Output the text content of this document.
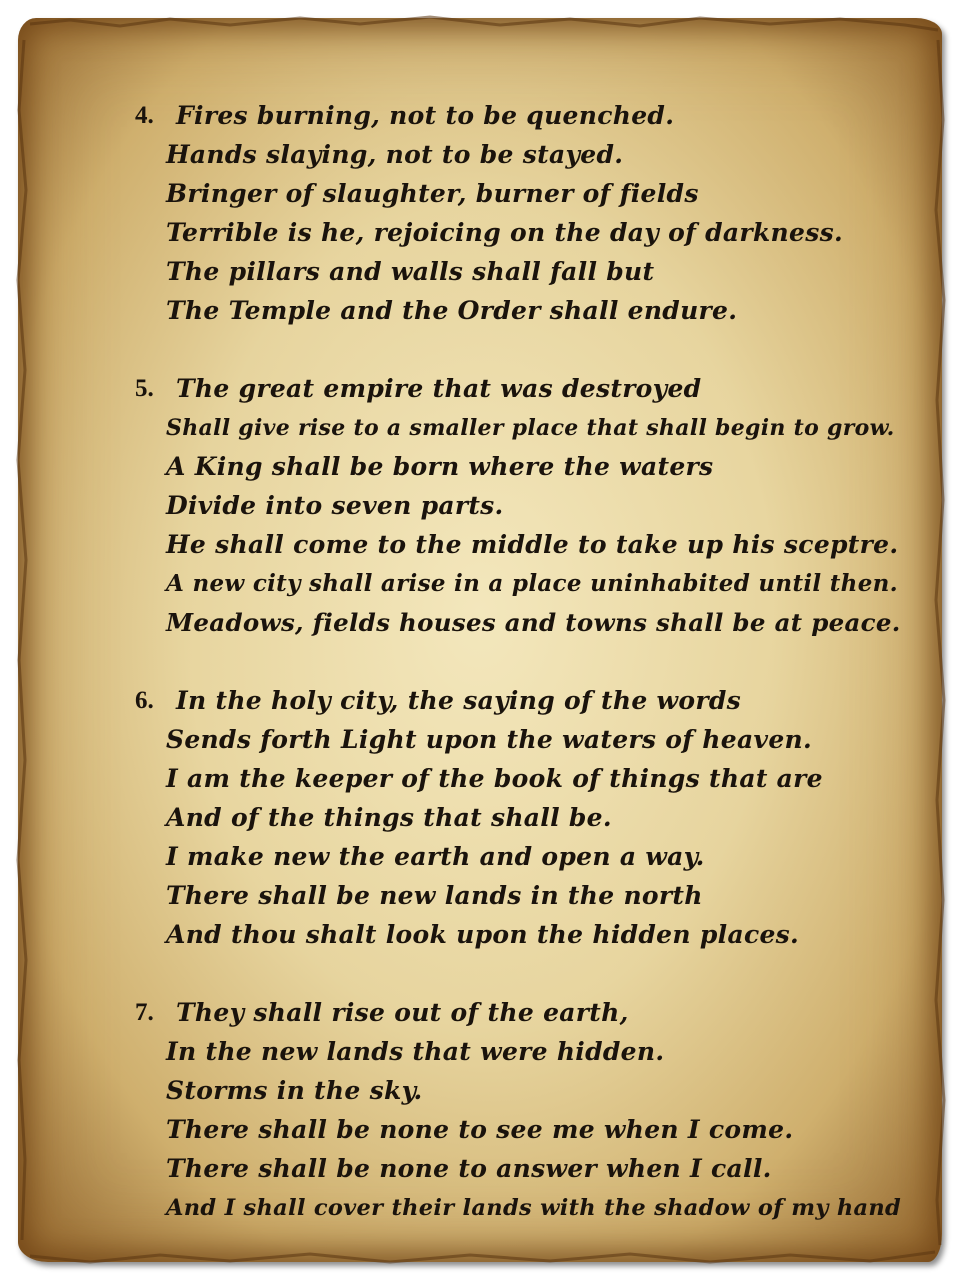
4. Fires burning, not to be quenched.
Hands slaying, not to be stayed.
Bringer of slaughter, burner of fields
Terrible is he, rejoicing on the day of darkness.
The pillars and walls shall fall but
The Temple and the Order shall endure.
5. The great empire that was destroyed
Shall give rise to a smaller place that shall begin to grow.
A King shall be born where the waters
Divide into seven parts.
He shall come to the middle to take up his sceptre.
A new city shall arise in a place uninhabited until then.
Meadows, fields houses and towns shall be at peace.
6. In the holy city, the saying of the words
Sends forth Light upon the waters of heaven.
I am the keeper of the book of things that are
And of the things that shall be.
I make new the earth and open a way.
There shall be new lands in the north
And thou shalt look upon the hidden places.
7. They shall rise out of the earth,
In the new lands that were hidden.
Storms in the sky.
There shall be none to see me when I come.
There shall be none to answer when I call.
And I shall cover their lands with the shadow of my hand
